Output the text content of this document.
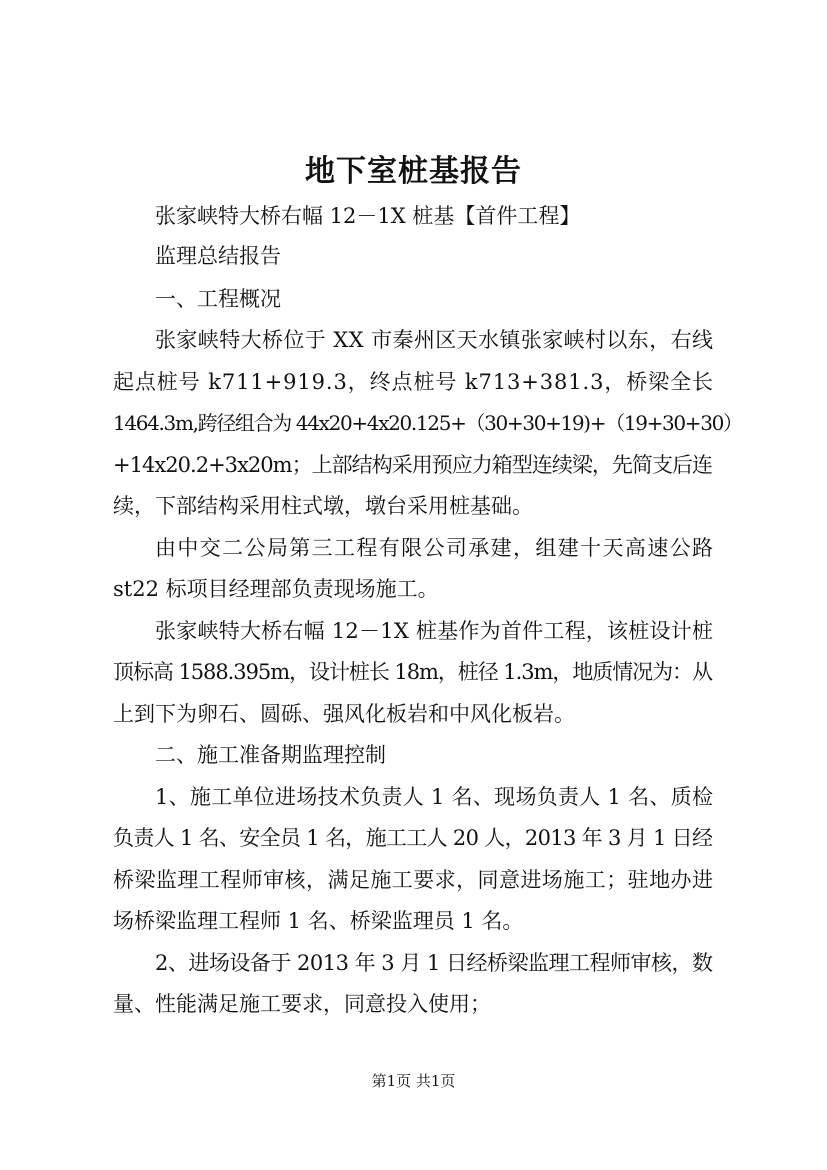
地下室桩基报告
张家峡特大桥右幅 12－1X 桩基【首件工程】
监理总结报告
一、工程概况
张家峡特大桥位于 XX 市秦州区天水镇张家峡村以东，右线
起点桩号 k711+919.3，终点桩号 k713+381.3，桥梁全长
1464.3m,跨径组合为 44x20+4x20.125+（30+30+19)+（19+30+30）
+14x20.2+3x20m；上部结构采用预应力箱型连续梁，先简支后连
续，下部结构采用柱式墩，墩台采用桩基础。
由中交二公局第三工程有限公司承建，组建十天高速公路
st22 标项目经理部负责现场施工。
张家峡特大桥右幅 12－1X 桩基作为首件工程，该桩设计桩
顶标高 1588.395m，设计桩长 18m，桩径 1.3m，地质情况为：从
上到下为卵石、圆砾、强风化板岩和中风化板岩。
二、施工准备期监理控制
1、施工单位进场技术负责人 1 名、现场负责人 1 名、质检
负责人 1 名、安全员 1 名，施工工人 20 人，2013 年 3 月 1 日经
桥梁监理工程师审核，满足施工要求，同意进场施工；驻地办进
场桥梁监理工程师 1 名、桥梁监理员 1 名。
2、进场设备于 2013 年 3 月 1 日经桥梁监理工程师审核，数
量、性能满足施工要求，同意投入使用；
第1页 共1页
